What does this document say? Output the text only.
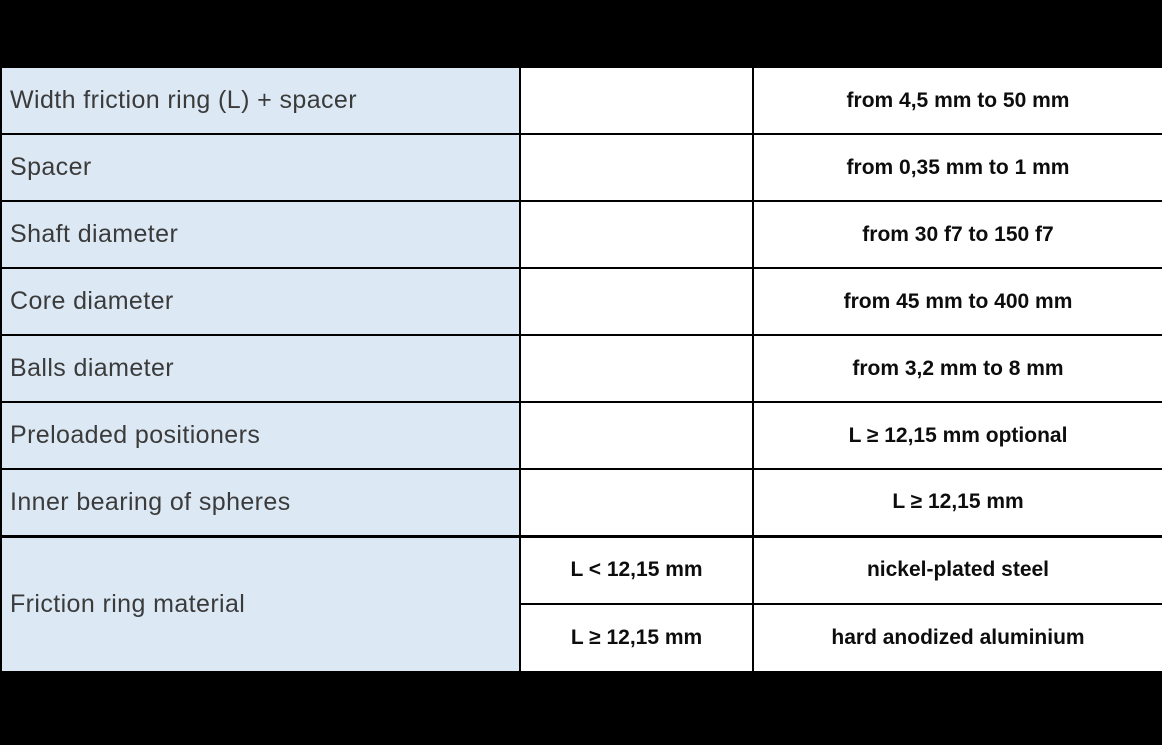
Width friction ring (L) + spacer		from 4,5 mm to 50 mm
Spacer		from 0,35 mm to 1 mm
Shaft diameter		from 30 f7 to 150 f7
Core diameter		from 45 mm to 400 mm
Balls diameter		from 3,2 mm to 8 mm
Preloaded positioners		L ≥ 12,15 mm optional
Inner bearing of spheres		L ≥ 12,15 mm
Friction ring material	L < 12,15 mm	nickel-plated steel
	L ≥ 12,15 mm	hard anodized aluminium
